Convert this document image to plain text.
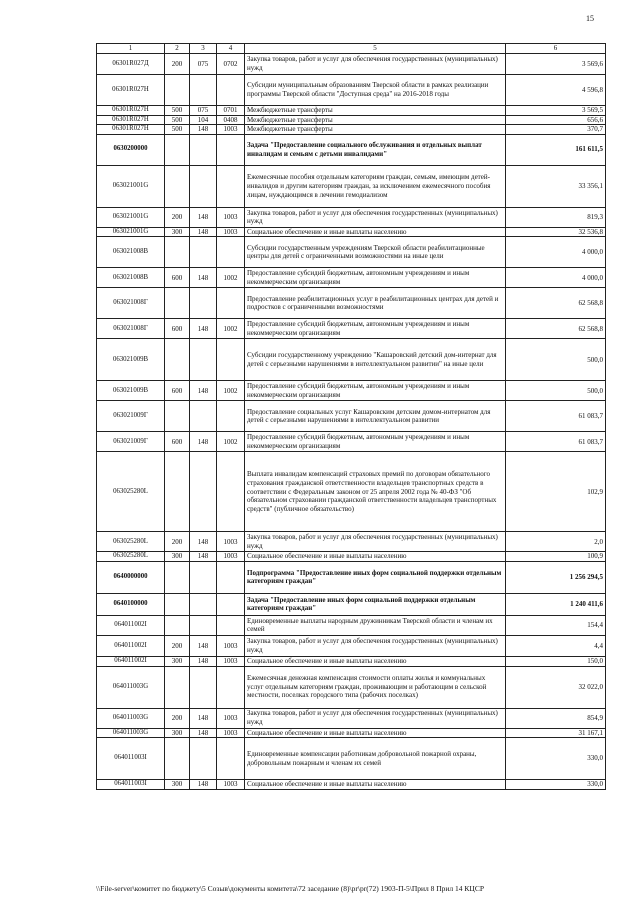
15
1	2	3	4	5	6
06301R027Д	200	075	0702	Закупка товаров, работ и услуг для обеспечения государственных (муниципальных) нужд	3 569,6
06301R027Н				Субсидии муниципальным образованиям Тверской области в рамках реализации программы Тверской области "Доступная среда" на 2016-2018 годы	4 596,8
06301R027Н	500	075	0701	Межбюджетные трансферты	3 569,5
06301R027Н	500	104	0408	Межбюджетные трансферты	656,6
06301R027Н	500	148	1003	Межбюджетные трансферты	370,7
0630200000				Задача "Предоставление социального обслуживания и отдельных выплат инвалидам и семьям с детьми инвалидами"	161 611,5
063021001G				Ежемесячные пособия отдельным категориям граждан, семьям, имеющим детей-инвалидов и другим категориям граждан, за исключением ежемесячного пособия лицам, нуждающимся в лечении гемодиализом	33 356,1
063021001G	200	148	1003	Закупка товаров, работ и услуг для обеспечения государственных (муниципальных) нужд	819,3
063021001G	300	148	1003	Социальное обеспечение и иные выплаты населению	32 536,8
063021008В				Субсидии государственным учреждениям Тверской области реабилитационные центры для детей с ограниченными возможностями на иные цели	4 000,0
063021008В	600	148	1002	Предоставление субсидий бюджетным, автономным учреждениям и иным некоммерческим организациям	4 000,0
063021008Г				Предоставление реабилитационных услуг в реабилитационных центрах для детей и подростков с ограниченными возможностями	62 568,8
063021008Г	600	148	1002	Предоставление субсидий бюджетным, автономным учреждениям и иным некоммерческим организациям	62 568,8
063021009В				Субсидии государственному учреждению "Кашаровский детский дом-интернат для детей с серьезными нарушениями в интеллектуальном развитии" на иные цели	500,0
063021009В	600	148	1002	Предоставление субсидий бюджетным, автономным учреждениям и иным некоммерческим организациям	500,0
063021009Г				Предоставление социальных услуг Кашаровским детским домом-интернатом для детей с серьезными нарушениями в интеллектуальном развитии	61 083,7
063021009Г	600	148	1002	Предоставление субсидий бюджетным, автономным учреждениям и иным некоммерческим организациям	61 083,7
063025280L				Выплата инвалидам компенсаций страховых премий по договорам обязательного страхования гражданской ответственности владельцев транспортных средств в соответствии с Федеральным законом от 25 апреля 2002 года № 40-ФЗ "Об обязательном страховании гражданской ответственности владельцев транспортных средств" (публичное обязательство)	102,9
063025280L	200	148	1003	Закупка товаров, работ и услуг для обеспечения государственных (муниципальных) нужд	2,0
063025280L	300	148	1003	Социальное обеспечение и иные выплаты населению	100,9
0640000000				Подпрограмма "Предоставление иных форм социальной поддержки отдельным категориям граждан"	1 256 294,5
0640100000				Задача "Предоставление иных форм социальной поддержки отдельным категориям граждан"	1 240 411,6
064011002I				Единовременные выплаты народным дружинникам Тверской области и членам их семей	154,4
064011002I	200	148	1003	Закупка товаров, работ и услуг для обеспечения государственных (муниципальных) нужд	4,4
064011002I	300	148	1003	Социальное обеспечение и иные выплаты населению	150,0
064011003G				Ежемесячная денежная компенсация стоимости оплаты жилья и коммунальных услуг отдельным категориям граждан, проживающим и работающим в сельской местности, поселках городского типа (рабочих поселках)	32 022,0
064011003G	200	148	1003	Закупка товаров, работ и услуг для обеспечения государственных (муниципальных) нужд	854,9
064011003G	300	148	1003	Социальное обеспечение и иные выплаты населению	31 167,1
064011003I				Единовременные компенсации работникам добровольной пожарной охраны, добровольным пожарным и членам их семей	330,0
064011003I	300	148	1003	Социальное обеспечение и иные выплаты населению	330,0
\\File-server\комитет по бюджету\5 Созыв\документы комитета\72 заседание (8)\рr\рr(72) 1903-П-5\Прил 8 Прил 14 КЦСР
